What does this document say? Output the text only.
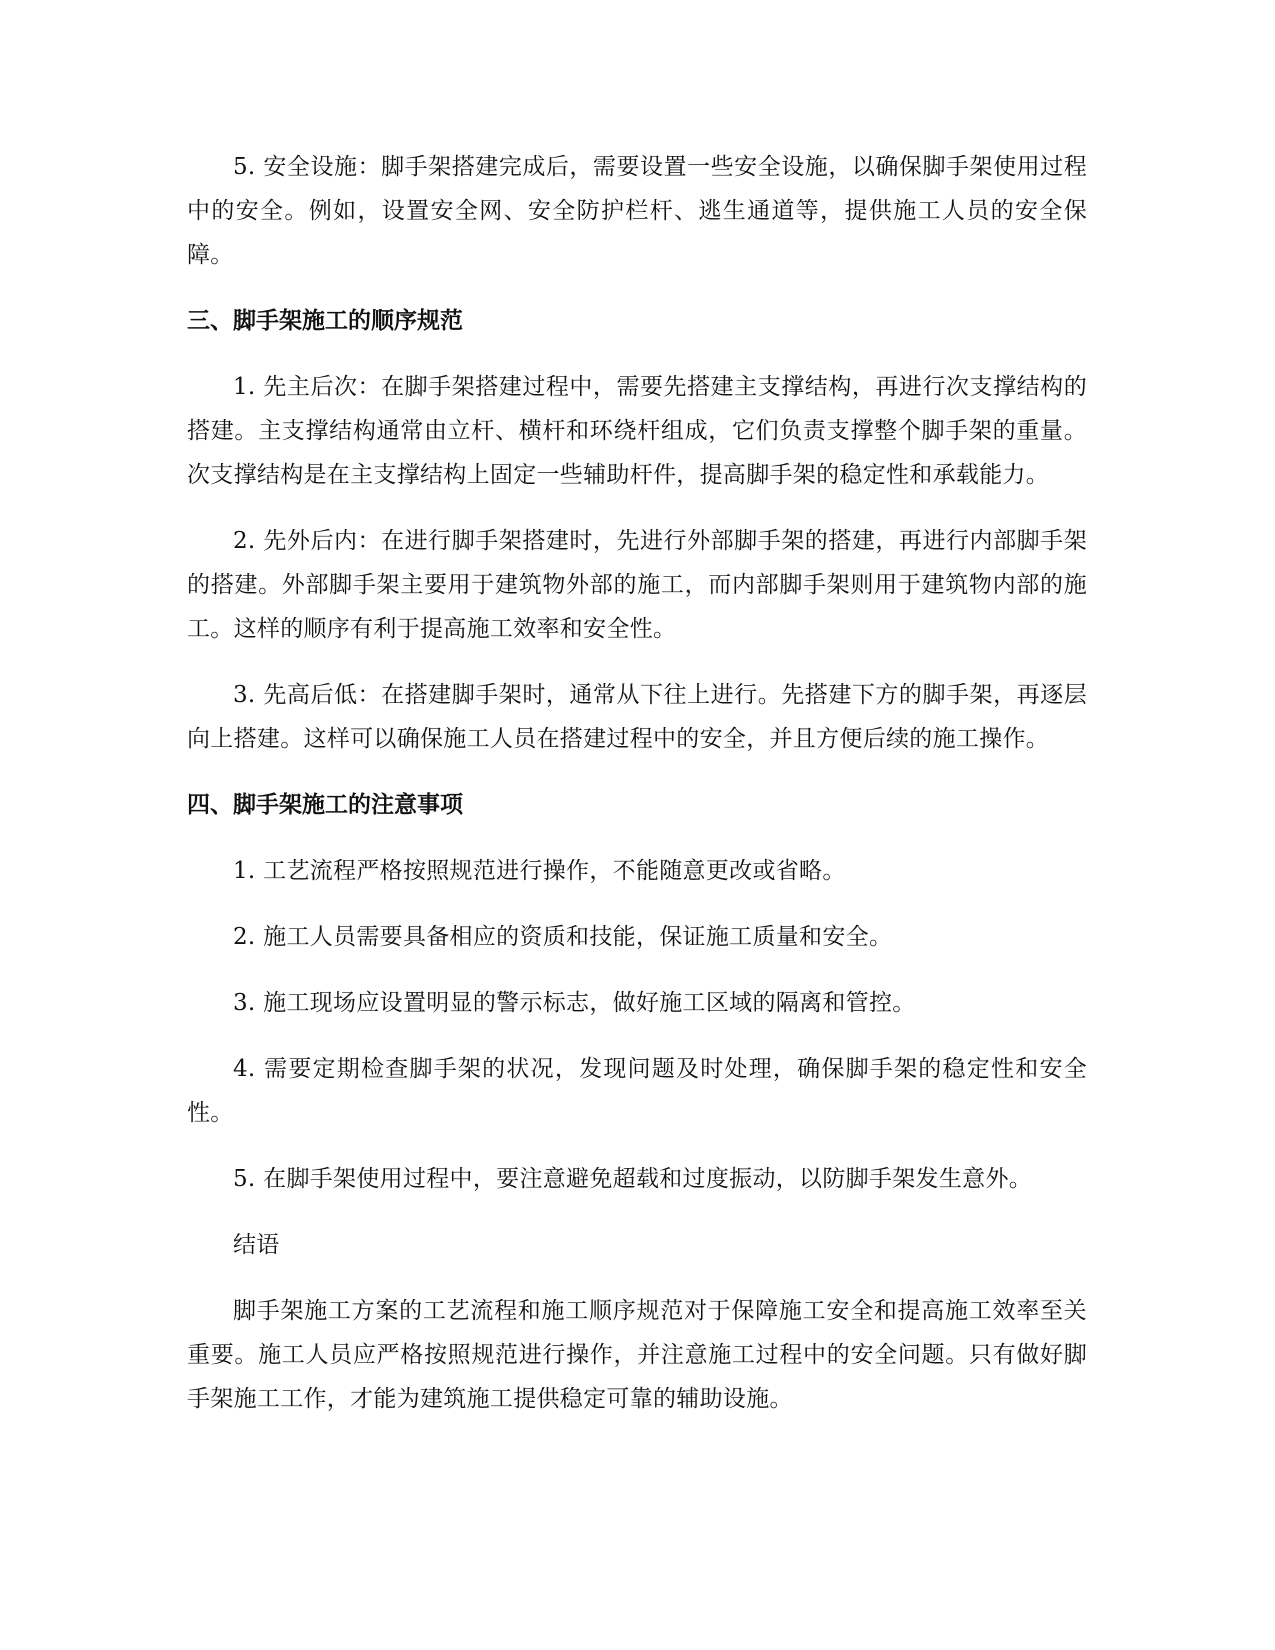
5. 安全设施：脚手架搭建完成后，需要设置一些安全设施，以确保脚手架使用过程中的安全。例如，设置安全网、安全防护栏杆、逃生通道等，提供施工人员的安全保障。

三、脚手架施工的顺序规范

1. 先主后次：在脚手架搭建过程中，需要先搭建主支撑结构，再进行次支撑结构的搭建。主支撑结构通常由立杆、横杆和环绕杆组成，它们负责支撑整个脚手架的重量。次支撑结构是在主支撑结构上固定一些辅助杆件，提高脚手架的稳定性和承载能力。

2. 先外后内：在进行脚手架搭建时，先进行外部脚手架的搭建，再进行内部脚手架的搭建。外部脚手架主要用于建筑物外部的施工，而内部脚手架则用于建筑物内部的施工。这样的顺序有利于提高施工效率和安全性。

3. 先高后低：在搭建脚手架时，通常从下往上进行。先搭建下方的脚手架，再逐层向上搭建。这样可以确保施工人员在搭建过程中的安全，并且方便后续的施工操作。

四、脚手架施工的注意事项

1. 工艺流程严格按照规范进行操作，不能随意更改或省略。

2. 施工人员需要具备相应的资质和技能，保证施工质量和安全。

3. 施工现场应设置明显的警示标志，做好施工区域的隔离和管控。

4. 需要定期检查脚手架的状况，发现问题及时处理，确保脚手架的稳定性和安全性。

5. 在脚手架使用过程中，要注意避免超载和过度振动，以防脚手架发生意外。

结语

脚手架施工方案的工艺流程和施工顺序规范对于保障施工安全和提高施工效率至关重要。施工人员应严格按照规范进行操作，并注意施工过程中的安全问题。只有做好脚手架施工工作，才能为建筑施工提供稳定可靠的辅助设施。
